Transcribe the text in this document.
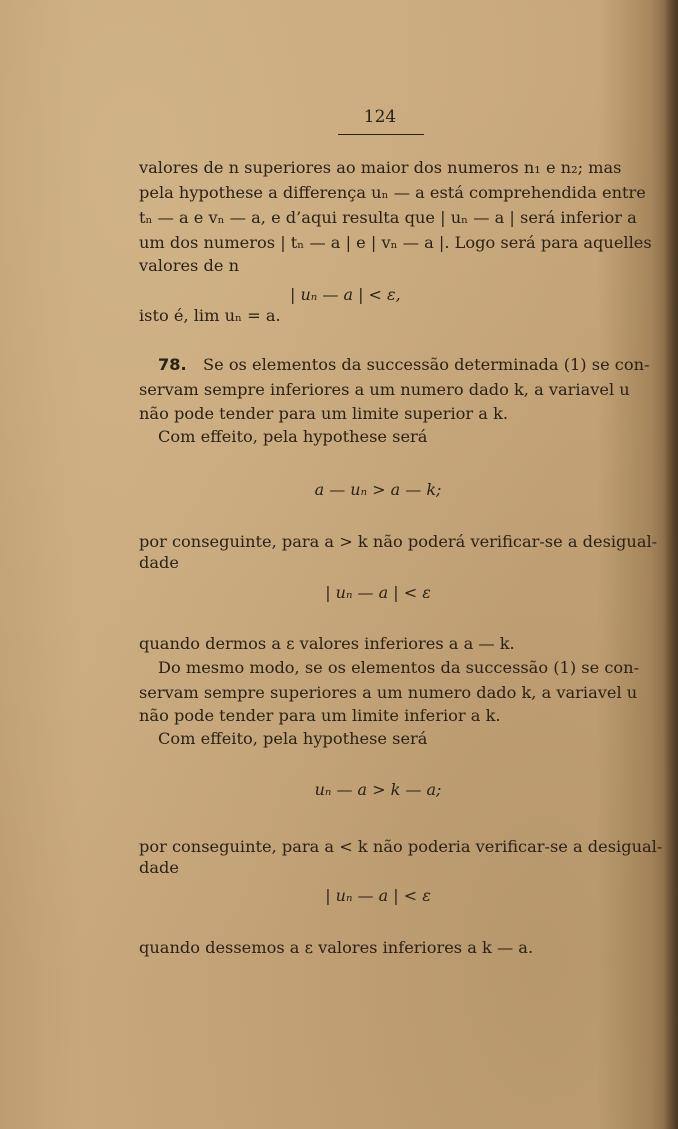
124
valores de n superiores ao maior dos numeros n₁ e n₂; mas
pela hypothese a differença uₙ — a está comprehendida entre
tₙ — a e vₙ — a, e d’aqui resulta que | uₙ — a | será inferior a
um dos numeros | tₙ — a | e | vₙ — a |. Logo será para aquelles
valores de n
| uₙ — a | < ε,
isto é, lim uₙ = a.
78.	Se os elementos da successão determinada (1) se con-
servam sempre inferiores a um numero dado k, a variavel u
não pode tender para um limite superior a k.
Com effeito, pela hypothese será
a — uₙ > a — k;
por conseguinte, para a > k não poderá verificar-se a desigual-
dade
| uₙ — a | < ε
quando dermos a ε valores inferiores a a — k.
Do mesmo modo, se os elementos da successão (1) se con-
servam sempre superiores a um numero dado k, a variavel u
não pode tender para um limite inferior a k.
Com effeito, pela hypothese será
uₙ — a > k — a;
por conseguinte, para a < k não poderia verificar-se a desigual-
dade
| uₙ — a | < ε
quando dessemos a ε valores inferiores a k — a.
